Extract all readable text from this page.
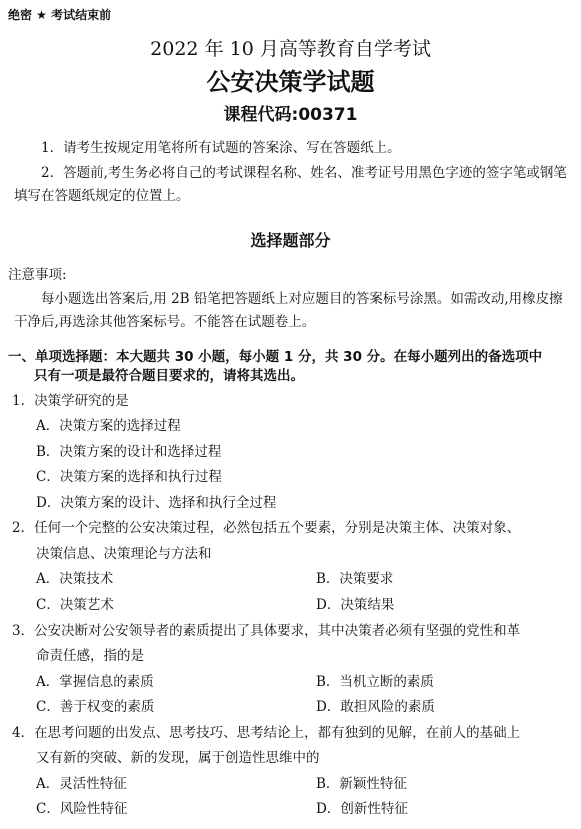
绝密 ★ 考试结束前
2022 年 10 月高等教育自学考试
公安决策学试题
课程代码:00371
1．请考生按规定用笔将所有试题的答案涂、写在答题纸上。
2．答题前,考生务必将自己的考试课程名称、姓名、准考证号用黑色字迹的签字笔或钢笔填写在答题纸规定的位置上。
选择题部分
注意事项:
每小题选出答案后,用 2B 铅笔把答题纸上对应题目的答案标号涂黑。如需改动,用橡皮擦干净后,再选涂其他答案标号。不能答在试题卷上。
一、单项选择题：本大题共 30 小题，每小题 1 分，共 30 分。在每小题列出的备选项中
只有一项是最符合题目要求的，请将其选出。
1．决策学研究的是
A．决策方案的选择过程
B．决策方案的设计和选择过程
C．决策方案的选择和执行过程
D．决策方案的设计、选择和执行全过程
2．任何一个完整的公安决策过程，必然包括五个要素，分别是决策主体、决策对象、
决策信息、决策理论与方法和
A．决策技术	B．决策要求
C．决策艺术	D．决策结果
3．公安决断对公安领导者的素质提出了具体要求，其中决策者必须有坚强的党性和革
命责任感，指的是
A．掌握信息的素质	B．当机立断的素质
C．善于权变的素质	D．敢担风险的素质
4．在思考问题的出发点、思考技巧、思考结论上，都有独到的见解，在前人的基础上
又有新的突破、新的发现，属于创造性思维中的
A．灵活性特征	B．新颖性特征
C．风险性特征	D．创新性特征
